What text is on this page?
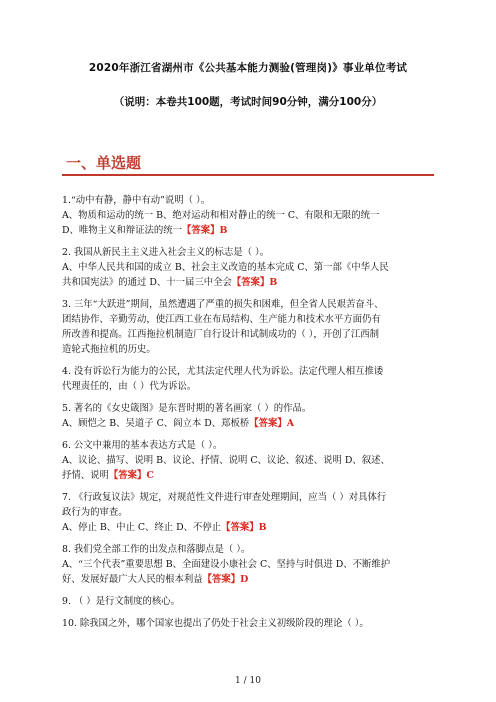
2020年浙江省湖州市《公共基本能力测验(管理岗)》事业单位考试
（说明：本卷共100题，考试时间90分钟，满分100分）
一、单选题
1.“动中有静，静中有动”说明（ ）。
A、物质和运动的统一 B、绝对运动和相对静止的统一 C、有限和无限的统一
D、唯物主义和辩证法的统一【答案】B
2. 我国从新民主主义进入社会主义的标志是（ ）。
A、中华人民共和国的成立 B、社会主义改造的基本完成 C、第一部《中华人民
共和国宪法》的通过 D、十一届三中全会【答案】B
3. 三年“大跃进”期间，虽然遭遇了严重的损失和困难，但全省人民艰苦奋斗、
团结协作、辛勤劳动，使江西工业在布局结构、生产能力和技术水平方面仍有
所改善和提高。江西拖拉机制造厂自行设计和试制成功的（ ），开创了江西制
造轮式拖拉机的历史。
4. 没有诉讼行为能力的公民，尤其法定代理人代为诉讼。法定代理人相互推诿
代理责任的，由（ ）代为诉讼。
5. 著名的《女史箴图》是东晋时期的著名画家（ ）的作品。
A、顾恺之 B、吴道子 C、阎立本 D、郑板桥【答案】A
6. 公文中兼用的基本表达方式是（ ）。
A、议论、描写、说明 B、议论、抒情、说明 C、议论、叙述、说明 D、叙述、
抒情、说明【答案】C
7. 《行政复议法》规定，对规范性文件进行审查处理期间，应当（ ）对具体行
政行为的审查。
A、停止 B、中止 C、终止 D、不停止【答案】B
8. 我们党全部工作的出发点和落脚点是（ ）。
A、“三个代表”重要思想 B、全面建设小康社会 C、坚持与时俱进 D、不断维护
好、发展好最广大人民的根本利益【答案】D
9. （ ）是行文制度的核心。
10. 除我国之外，哪个国家也提出了仍处于社会主义初级阶段的理论（ ）。
1 / 10
